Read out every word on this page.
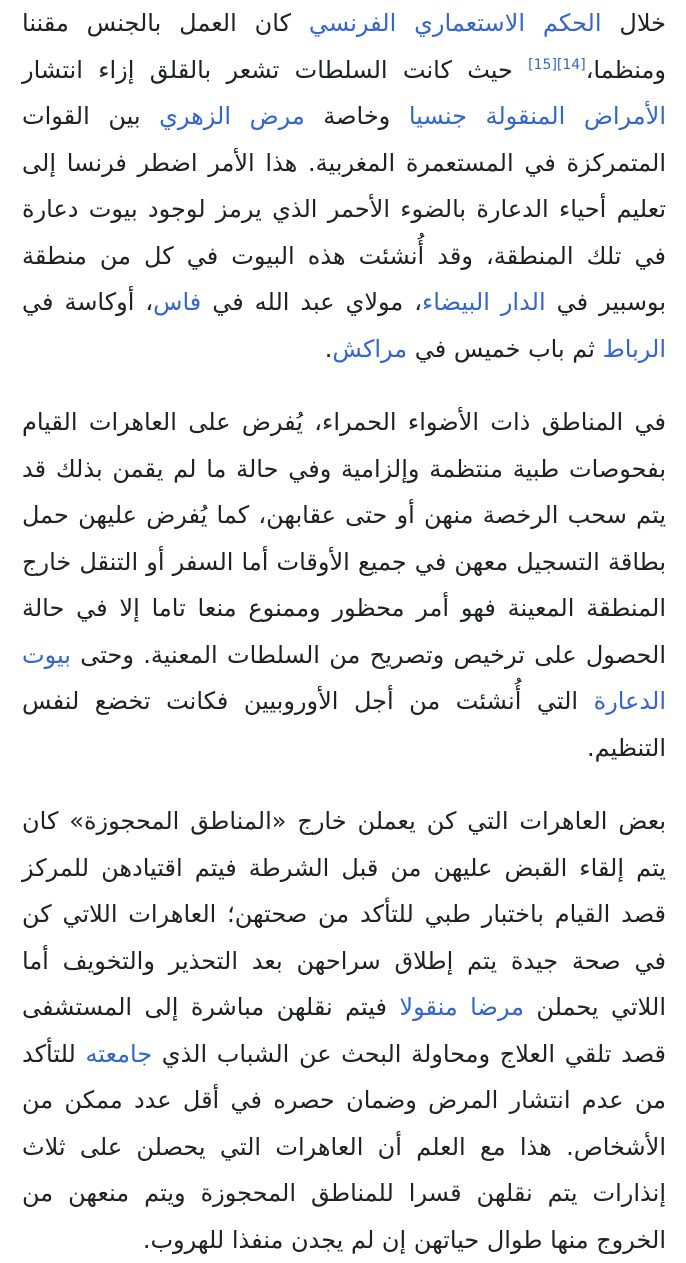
خلال الحكم الاستعماري الفرنسي كان العمل بالجنس مقننا ومنظما،[14][15] حيث كانت السلطات تشعر بالقلق إزاء انتشار الأمراض المنقولة جنسيا وخاصة مرض الزهري بين القوات المتمركزة في المستعمرة المغربية. هذا الأمر اضطر فرنسا إلى تعليم أحياء الدعارة بالضوء الأحمر الذي يرمز لوجود بيوت دعارة في تلك المنطقة، وقد أُنشئت هذه البيوت في كل من منطقة بوسبير في الدار البيضاء، مولاي عبد الله في فاس، أوكاسة في الرباط ثم باب خميس في مراكش.

في المناطق ذات الأضواء الحمراء، يُفرض على العاهرات القيام بفحوصات طبية منتظمة وإلزامية وفي حالة ما لم يقمن بذلك قد يتم سحب الرخصة منهن أو حتى عقابهن، كما يُفرض عليهن حمل بطاقة التسجيل معهن في جميع الأوقات أما السفر أو التنقل خارج المنطقة المعينة فهو أمر محظور وممنوع منعا تاما إلا في حالة الحصول على ترخيص وتصريح من السلطات المعنية. وحتى بيوت الدعارة التي أُنشئت من أجل الأوروبيين فكانت تخضع لنفس التنظيم.

بعض العاهرات التي كن يعملن خارج «المناطق المحجوزة» كان يتم إلقاء القبض عليهن من قبل الشرطة فيتم اقتيادهن للمركز قصد القيام باختبار طبي للتأكد من صحتهن؛ العاهرات اللاتي كن في صحة جيدة يتم إطلاق سراحهن بعد التحذير والتخويف أما اللاتي يحملن مرضا منقولا فيتم نقلهن مباشرة إلى المستشفى قصد تلقي العلاج ومحاولة البحث عن الشباب الذي جامعته للتأكد من عدم انتشار المرض وضمان حصره في أقل عدد ممكن من الأشخاص. هذا مع العلم أن العاهرات التي يحصلن على ثلاث إنذارات يتم نقلهن قسرا للمناطق المحجوزة ويتم منعهن من الخروج منها طوال حياتهن إن لم يجدن منفذا للهروب.
